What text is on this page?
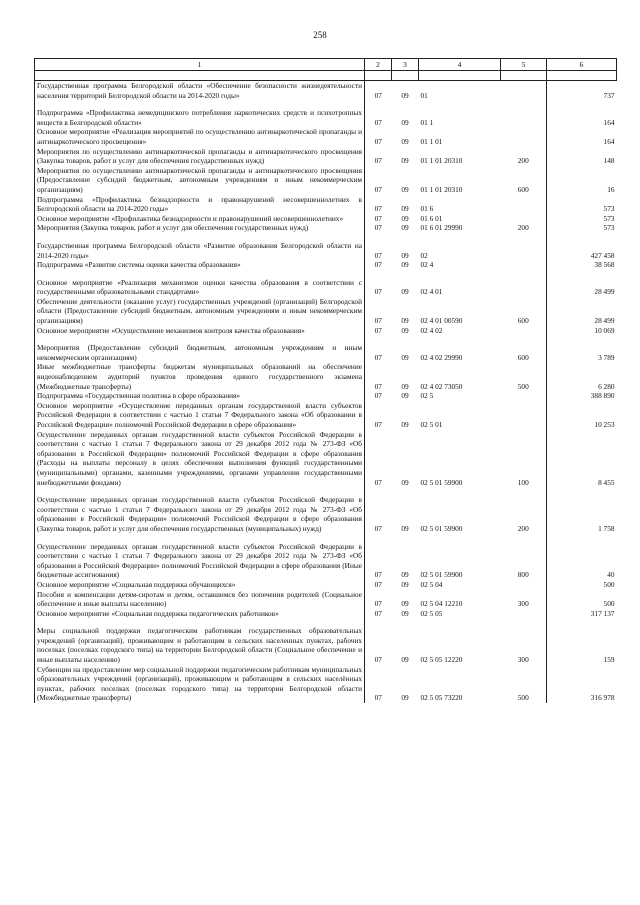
258
1	2	3	4	5	6

Государственная программа Белгородской области «Обеспечение безопасности жизнедеятельности населения территорий Белгородской области на 2014-2020 годы»	07	09	01		737

Подпрограмма «Профилактика немедицинского потребления наркотических средств и психотропных веществ в Белгородской области»	07	09	01 1		164
Основное мероприятие «Реализация мероприятий по осуществлению антинаркотической пропаганды и антинаркотического просвещения»	07	09	01 1 01		164
Мероприятия по осуществлению антинаркотической пропаганды и антинаркотического просвещения (Закупка товаров, работ и услуг для обеспечения государственных нужд)	07	09	01 1 01 20310	200	148
Мероприятия по осуществлению антинаркотической пропаганды и антинаркотического просвещения (Предоставление субсидий бюджетным, автономным учреждениям и иным некоммерческим организациям)	07	09	01 1 01 20310	600	16
Подпрограмма «Профилактика безнадзорности и правонарушений несовершеннолетних в Белгородской области на 2014-2020 годы»	07	09	01 6		573
Основное мероприятие «Профилактика безнадзорности и правонарушений несовершеннолетних»	07	09	01 6 01		573
Мероприятия (Закупка товаров, работ и услуг для обеспечения государственных нужд)	07	09	01 6 01 29990	200	573

Государственная программа Белгородской области «Развитие образования Белгородской области на 2014-2020 годы»	07	09	02		427 458
Подпрограмма «Развитие системы оценки качества образования»	07	09	02 4		38 568

Основное мероприятие «Реализация механизмов оценки качества образования в соответствии с государственными образовательными стандартами»	07	09	02 4 01		28 499
Обеспечение деятельности (оказание услуг) государственных учреждений (организаций) Белгородской области (Предоставление субсидий бюджетным, автономным учреждениям и иным некоммерческим организациям)	07	09	02 4 01 00590	600	28 499
Основное мероприятие «Осуществление механизмов контроля качества образования»	07	09	02 4 02		10 069

Мероприятия (Предоставление субсидий бюджетным, автономным учреждениям и иным некоммерческим организациям)	07	09	02 4 02 29990	600	3 789
Иные межбюджетные трансферты бюджетам муниципальных образований на обеспечение видеонаблюдением аудиторий пунктов проведения единого государственного экзамена (Межбюджетные трансферты)	07	09	02 4 02 73050	500	6 280
Подпрограмма «Государственная политика в сфере образования»	07	09	02 5		388 890
Основное мероприятие «Осуществление переданных органам государственной власти субъектов Российской Федерации в соответствии с частью 1 статьи 7 Федерального закона «Об образовании в Российской Федерации» полномочий Российской Федерации в сфере образования»	07	09	02 5 01		10 253
Осуществление переданных органам государственной власти субъектов Российской Федерации в соответствии с частью 1 статьи 7 Федерального закона от 29 декабря 2012 года № 273-ФЗ «Об образовании в Российской Федерации» полномочий Российской Федерации в сфере образования (Расходы на выплаты персоналу в целях обеспечения выполнения функций государственными (муниципальными) органами, казенными учреждениями, органами управления государственными внебюджетными фондами)	07	09	02 5 01 59900	100	8 455

Осуществление переданных органам государственной власти субъектов Российской Федерации в соответствии с частью 1 статьи 7 Федерального закона от 29 декабря 2012 года № 273-ФЗ «Об образовании в Российской Федерации» полномочий Российской Федерации в сфере образования (Закупка товаров, работ и услуг для обеспечения государственных (муниципальных) нужд)	07	09	02 5 01 59900	200	1 758

Осуществление переданных органам государственной власти субъектов Российской Федерации в соответствии с частью 1 статьи 7 Федерального закона от 29 декабря 2012 года № 273-ФЗ «Об образовании в Российской Федерации» полномочий Российской Федерации в сфере образования (Иные бюджетные ассигнования)	07	09	02 5 01 59900	800	40
Основное мероприятие «Социальная поддержка обучающихся»	07	09	02 5 04		500
Пособия и компенсации детям-сиротам и детям, оставшимся без попечения родителей (Социальное обеспечение и иные выплаты населению)	07	09	02 5 04 12210	300	500
Основное мероприятие «Социальная поддержка педагогических работников»	07	09	02 5 05		317 137

Меры социальной поддержки педагогическим работникам государственных образовательных учреждений (организаций), проживающим и работающим в сельских населенных пунктах, рабочих поселках (поселках городского типа) на территории Белгородской области (Социальное обеспечение и иные выплаты населению)	07	09	02 5 05 12220	300	159
Субвенции на предоставление мер социальной поддержки педагогическим работникам муниципальных образовательных учреждений (организаций), проживающим и работающим в сельских населённых пунктах, рабочих поселках (поселках городского типа) на территории Белгородской области (Межбюджетные трансферты)	07	09	02 5 05 73220	500	316 978
